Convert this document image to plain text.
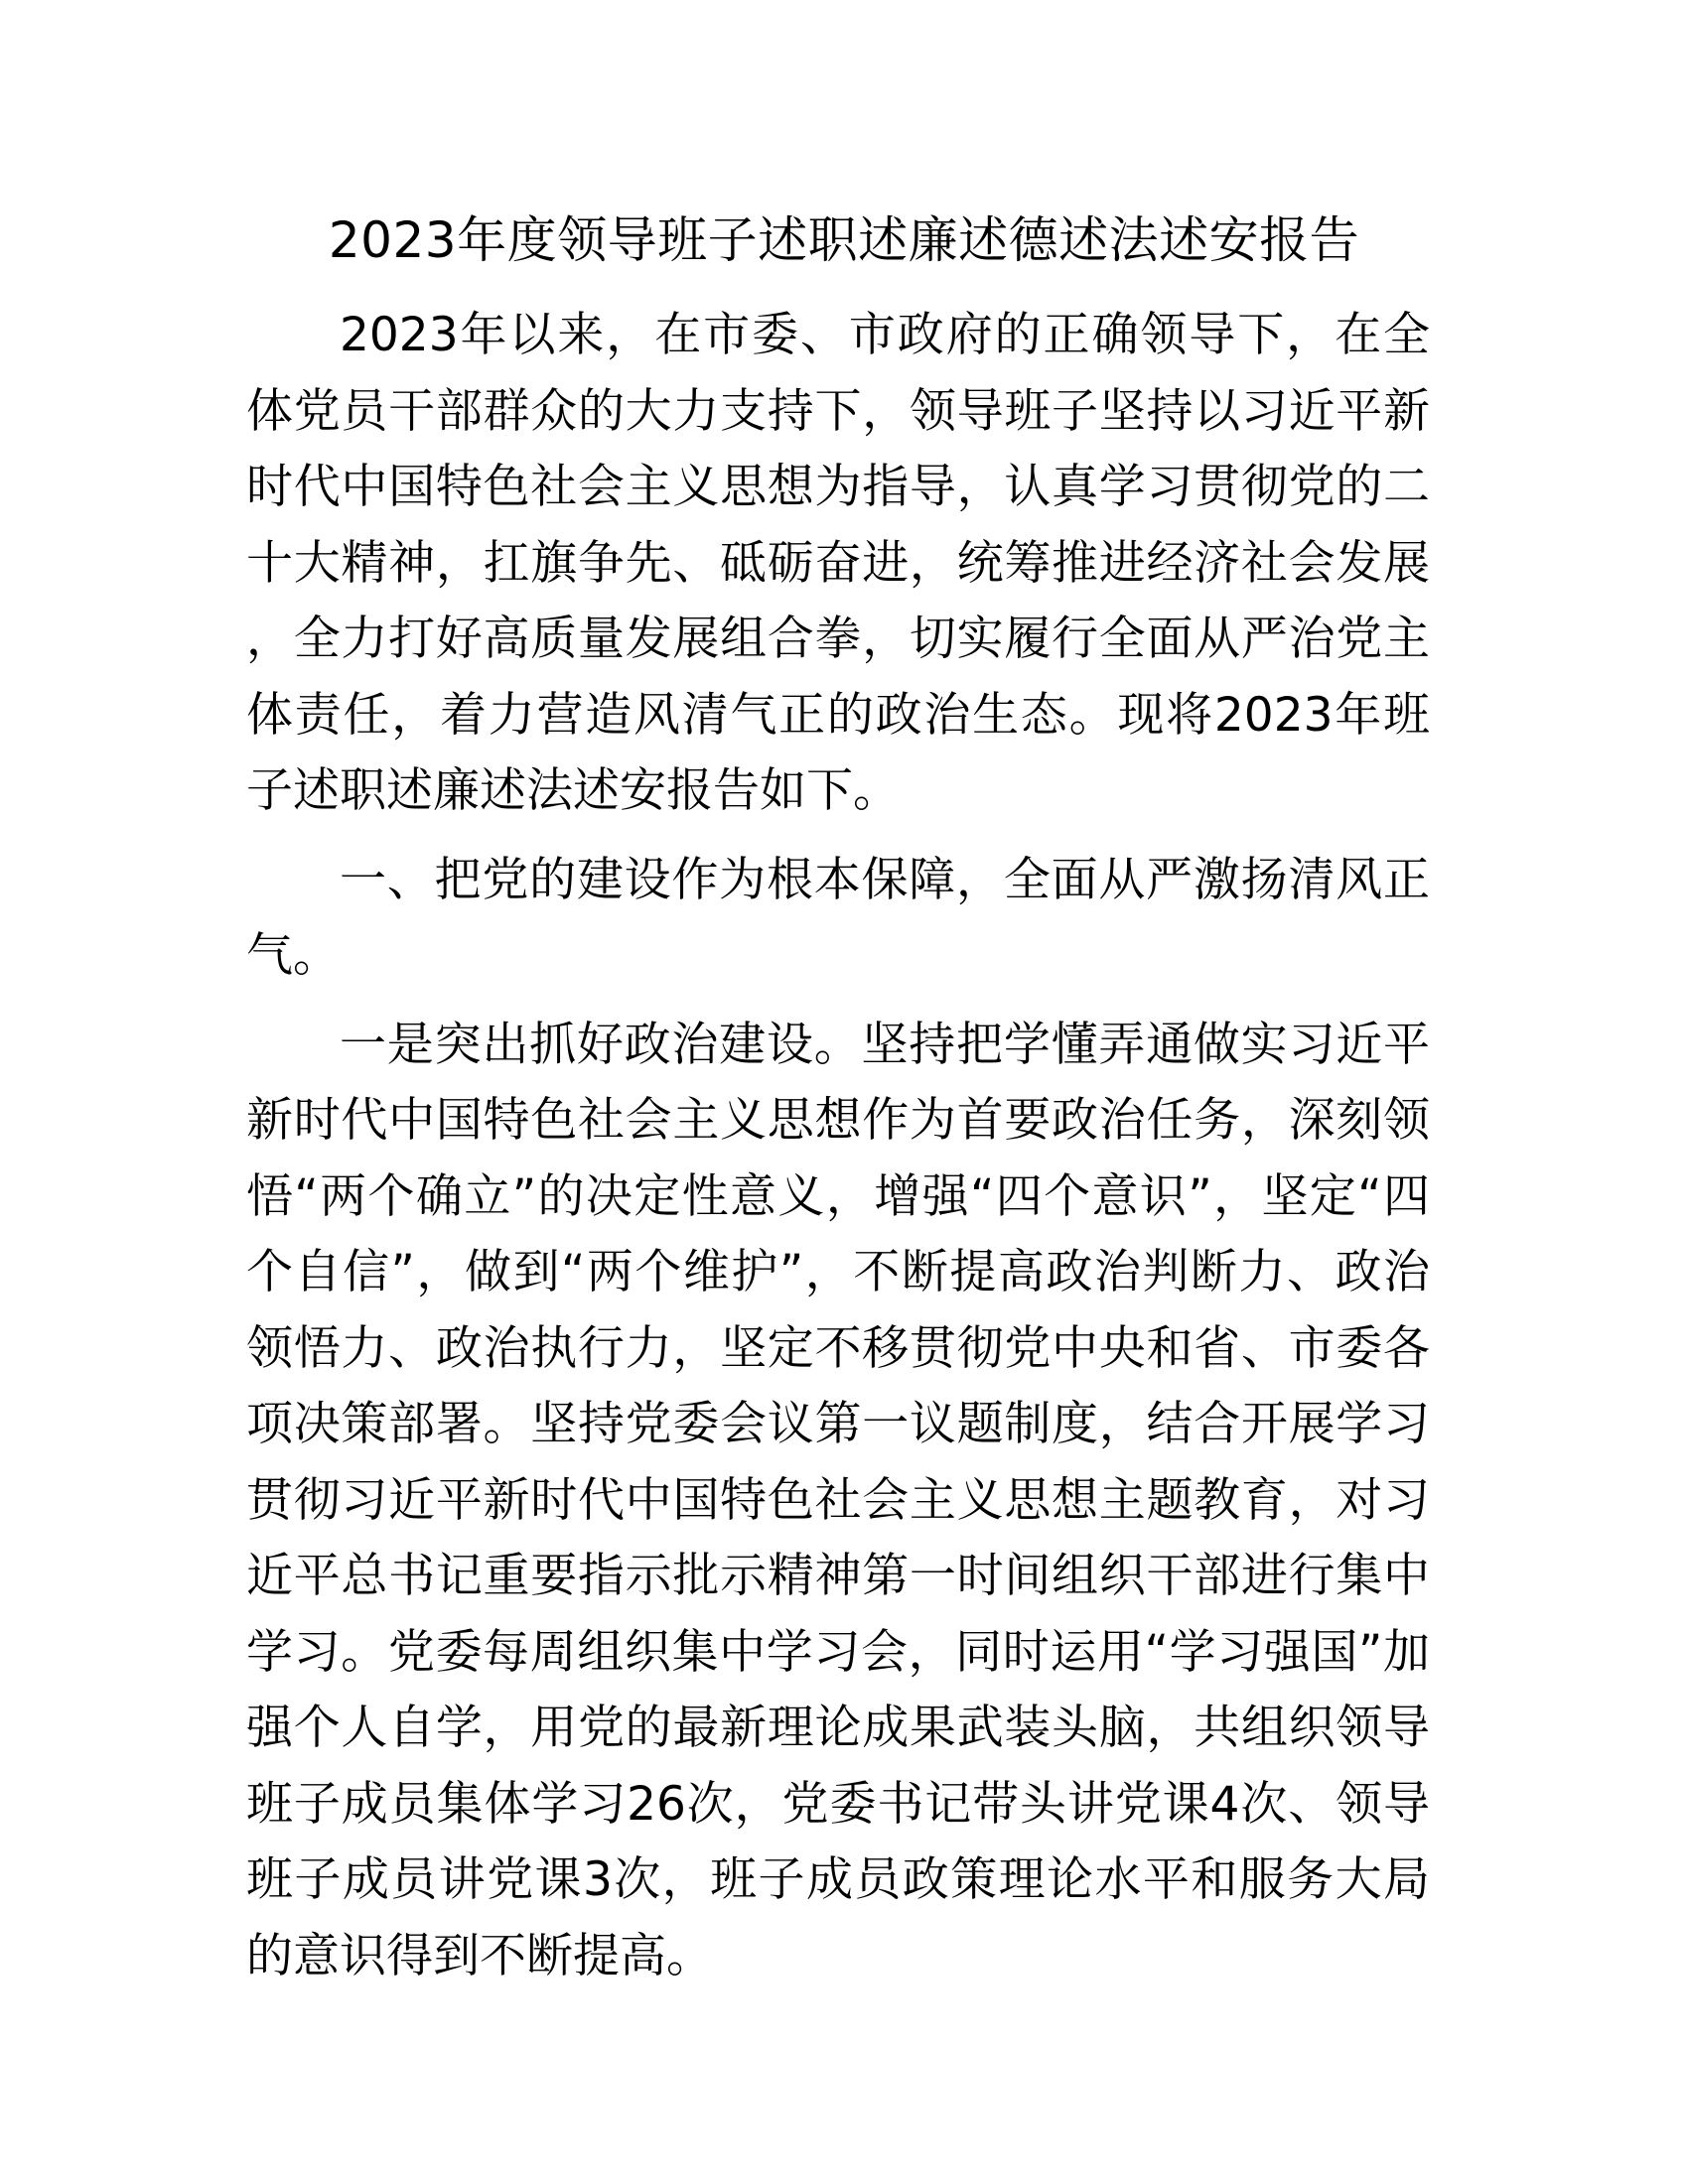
2023年度领导班子述职述廉述德述法述安报告

2023年以来，在市委、市政府的正确领导下，在全体党员干部群众的大力支持下，领导班子坚持以习近平新时代中国特色社会主义思想为指导，认真学习贯彻党的二十大精神，扛旗争先、砥砺奋进，统筹推进经济社会发展，全力打好高质量发展组合拳，切实履行全面从严治党主体责任，着力营造风清气正的政治生态。现将2023年班子述职述廉述法述安报告如下。

一、把党的建设作为根本保障，全面从严激扬清风正气。

一是突出抓好政治建设。坚持把学懂弄通做实习近平新时代中国特色社会主义思想作为首要政治任务，深刻领悟“两个确立”的决定性意义，增强“四个意识”，坚定“四个自信”，做到“两个维护”，不断提高政治判断力、政治领悟力、政治执行力，坚定不移贯彻党中央和省、市委各项决策部署。坚持党委会议第一议题制度，结合开展学习贯彻习近平新时代中国特色社会主义思想主题教育，对习近平总书记重要指示批示精神第一时间组织干部进行集中学习。党委每周组织集中学习会，同时运用“学习强国”加强个人自学，用党的最新理论成果武装头脑，共组织领导班子成员集体学习26次，党委书记带头讲党课4次、领导班子成员讲党课3次，班子成员政策理论水平和服务大局的意识得到不断提高。
